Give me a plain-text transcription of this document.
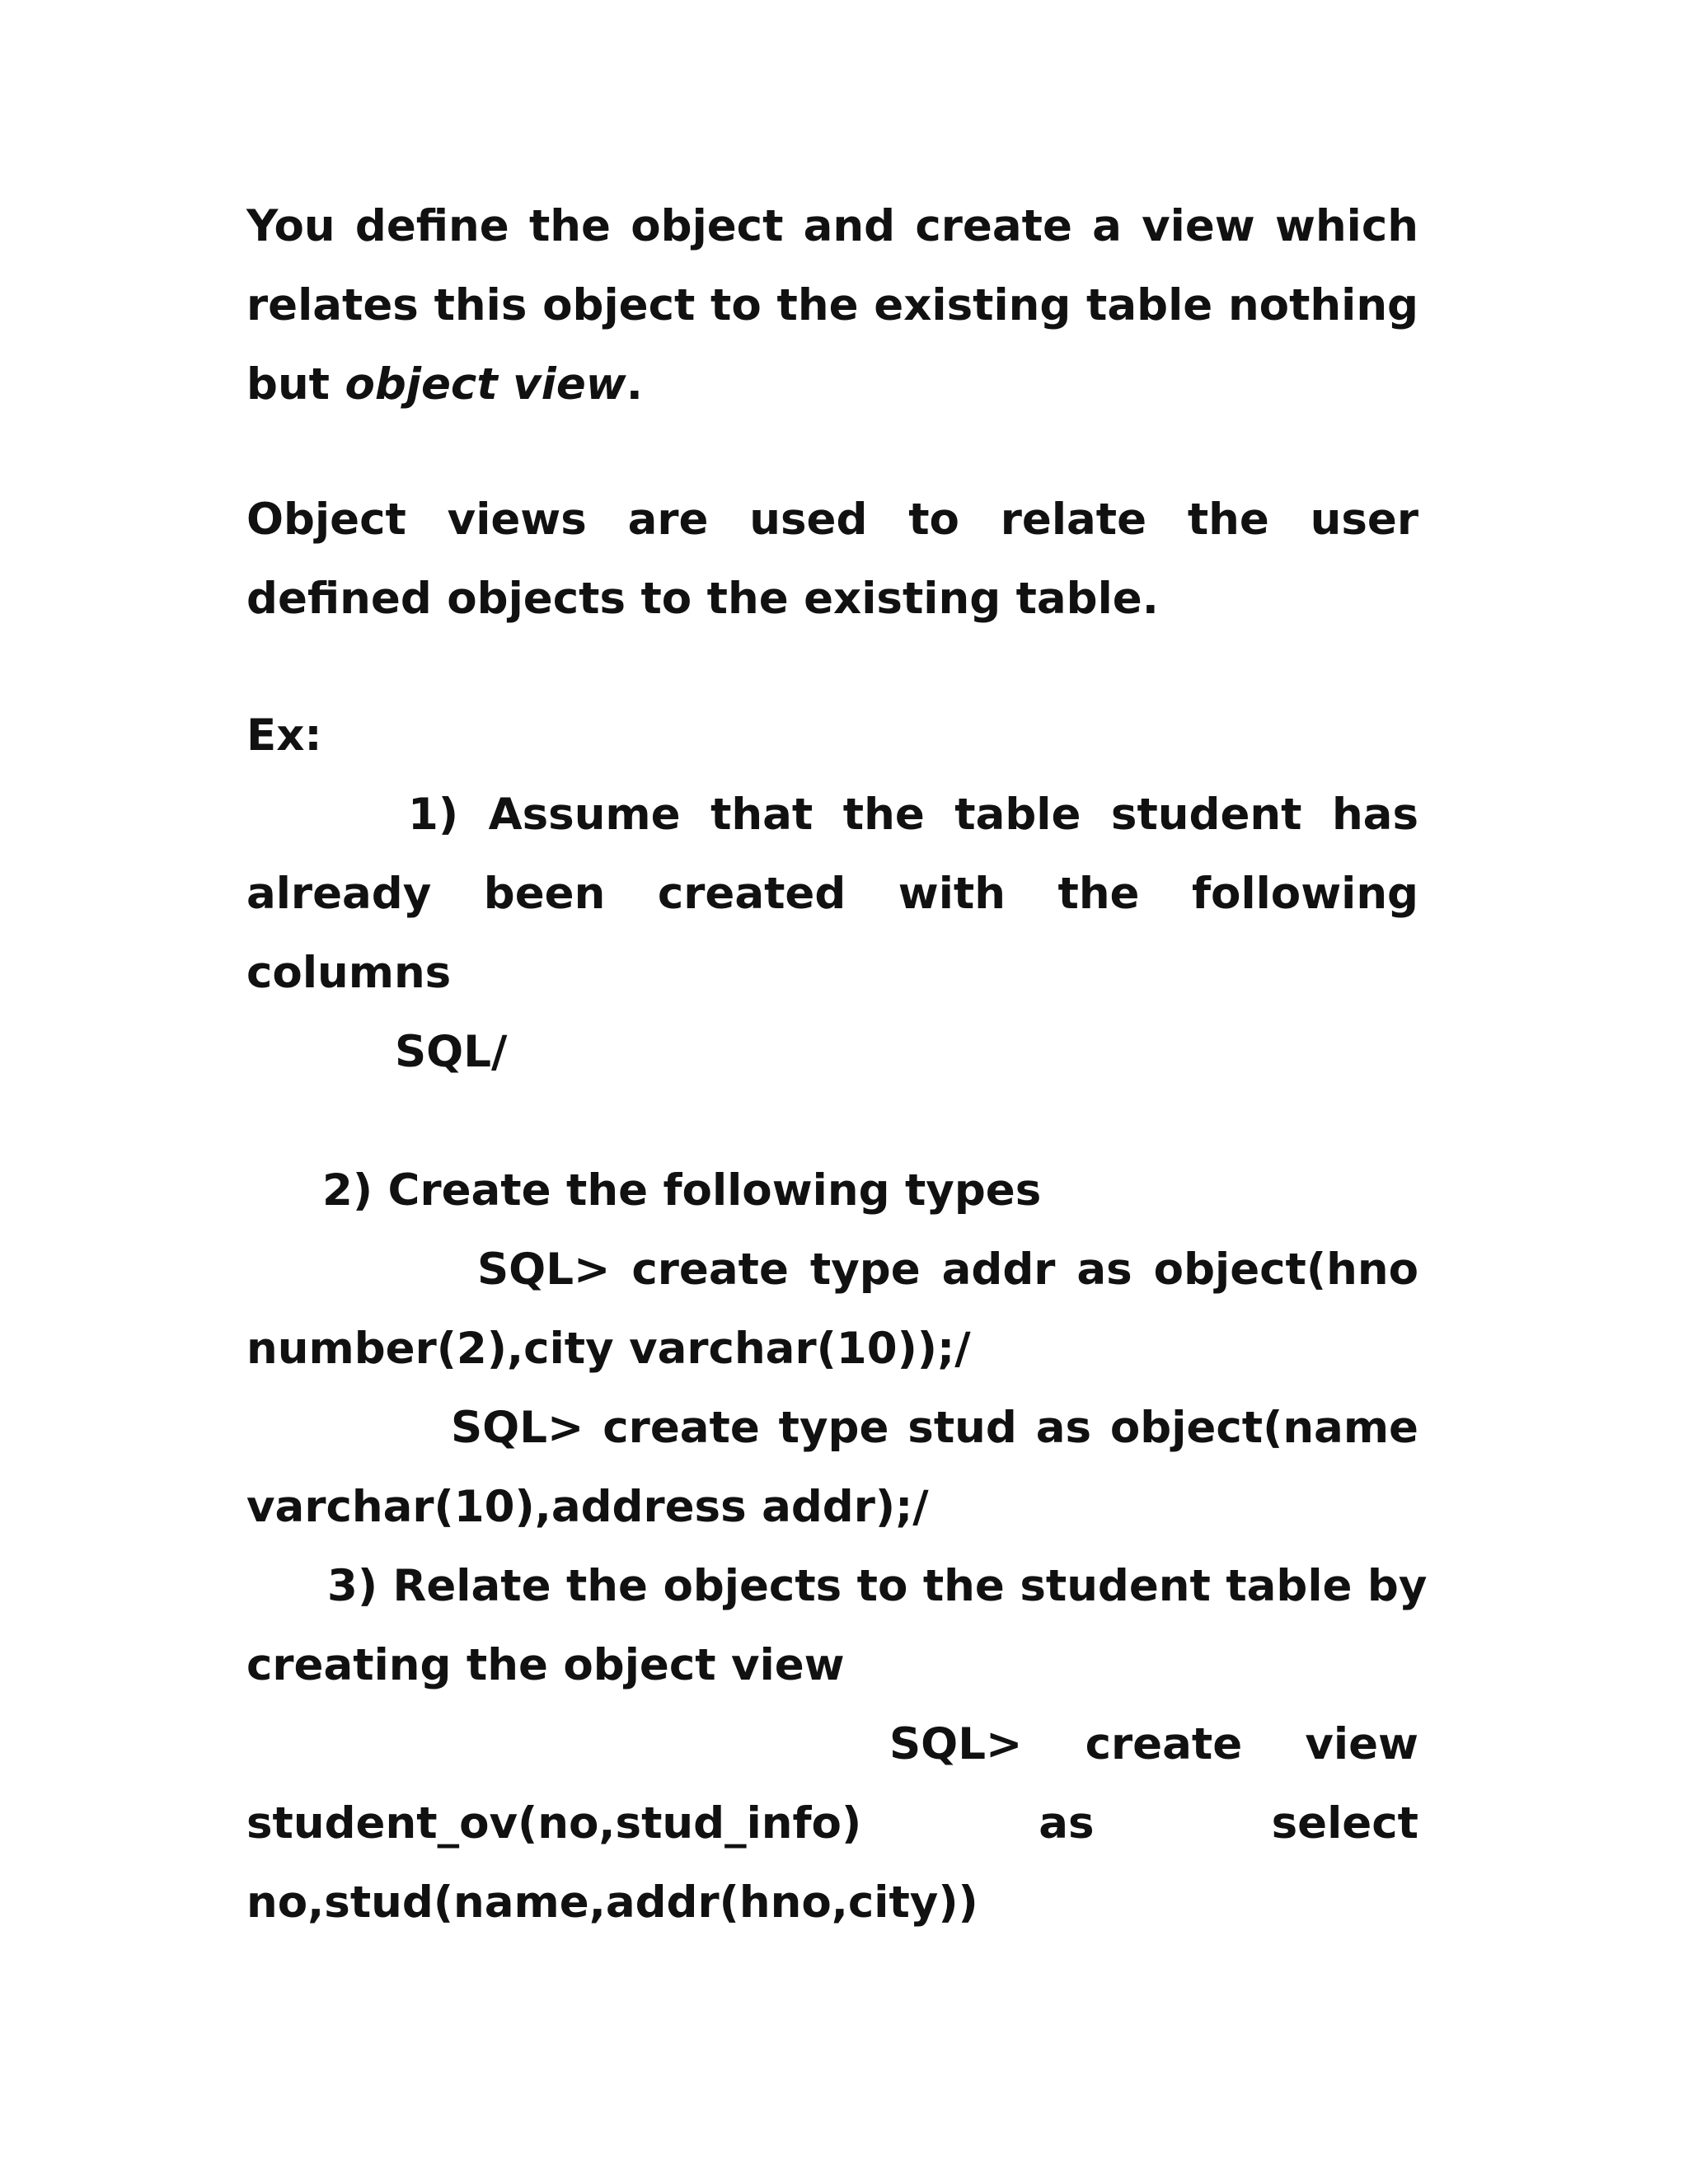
You define the object and create a view which
relates this object to the existing table nothing
but object view.
Object views are used to relate the user
defined objects to the existing table.
Ex:
1) Assume that the table student has
already been created with the following
columns
SQL/
2) Create the following types
SQL> create type addr as object(hno
number(2),city varchar(10));/
SQL> create type stud as object(name
varchar(10),address addr);/
3) Relate the objects to the student table by
creating the object view
SQL> create view
student_ov(no,stud_info) as select
no,stud(name,addr(hno,city))
